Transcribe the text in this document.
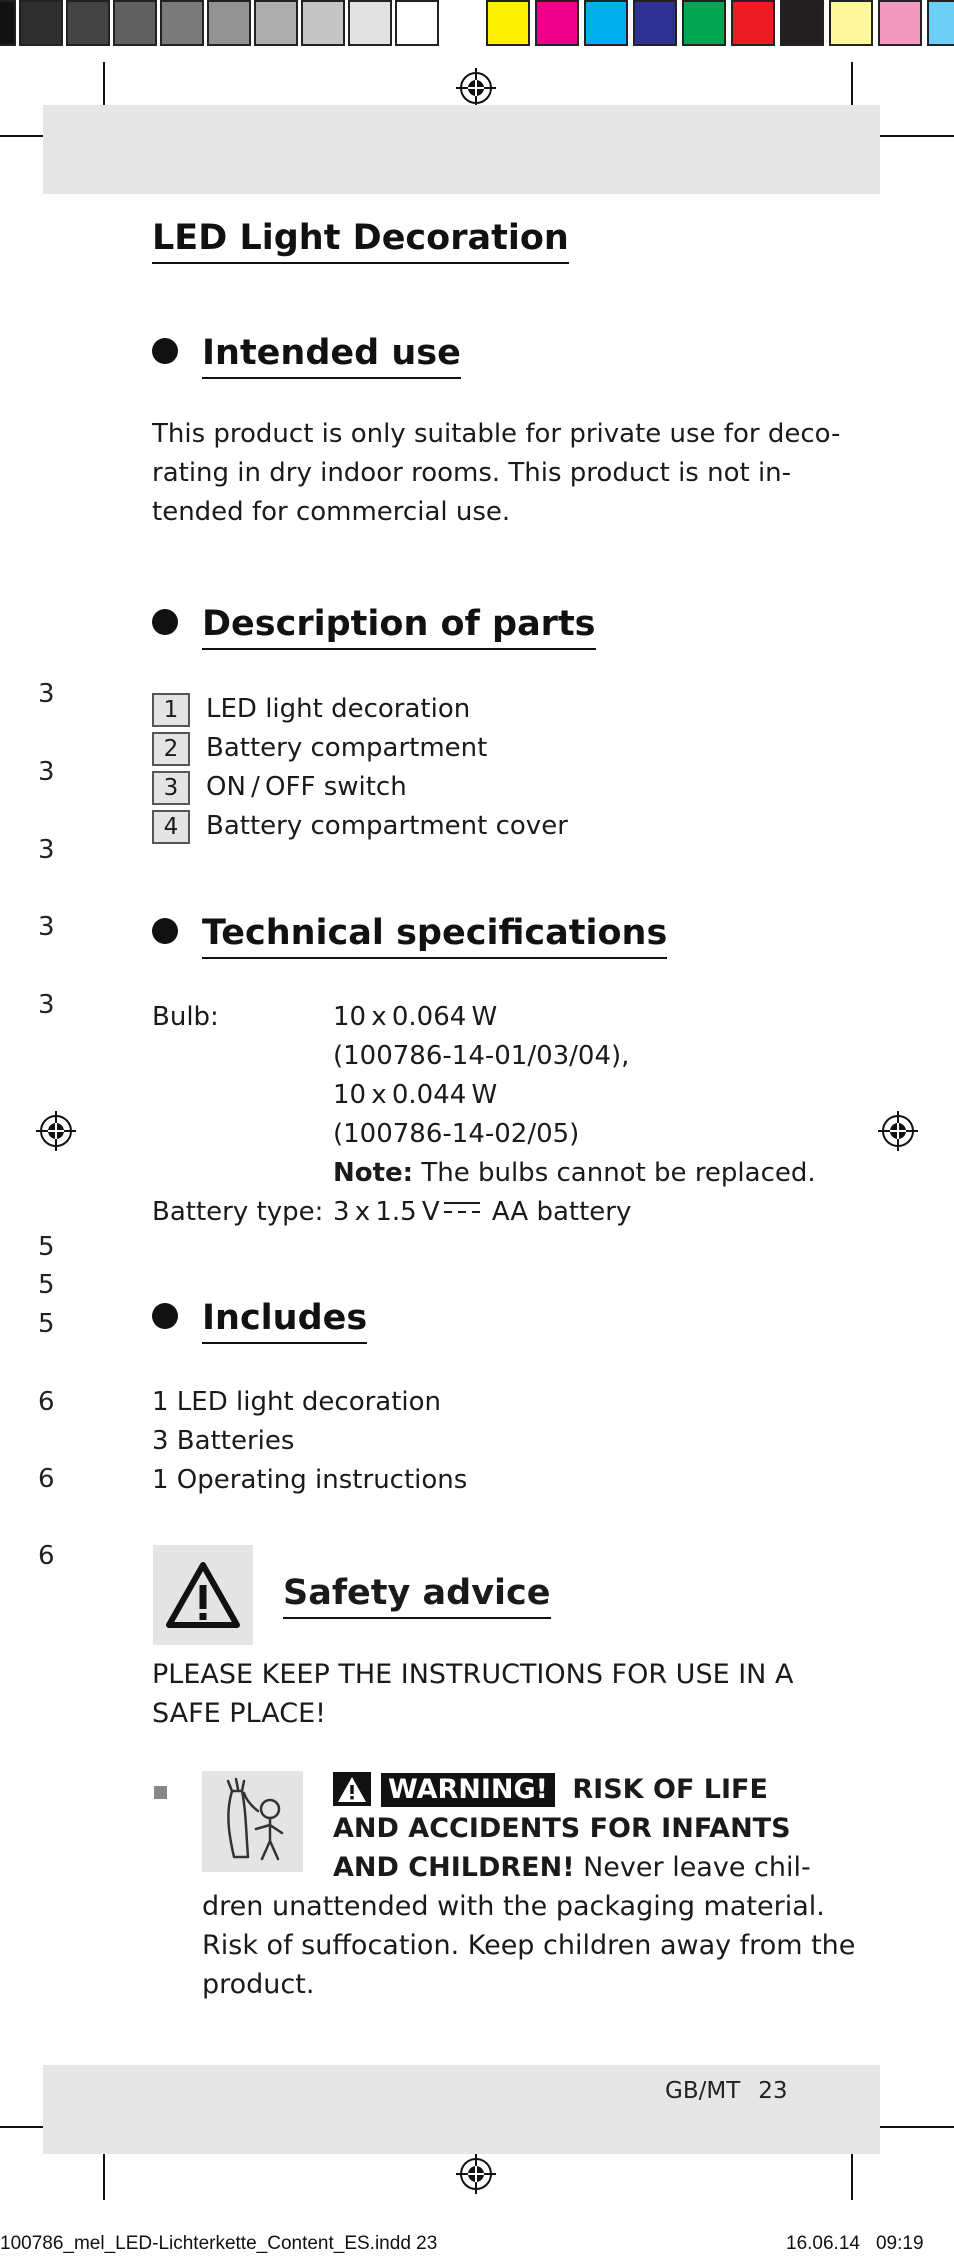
3
3
3
3
3
5
5
5
6
6
6
LED Light Decoration
Intended use
This product is only suitable for private use for deco-
rating in dry indoor rooms. This product is not in-
tended for commercial use.
Description of parts
1	LED light decoration
2	Battery compartment
3	ON / OFF switch
4	Battery compartment cover
Technical specifications
Bulb:	10 x 0.064 W
(100786-14-01/03/04),
10 x 0.044 W
(100786-14-02/05)
Note: The bulbs cannot be replaced.
Battery type: 3 x 1.5 V AA battery
Includes
1 LED light decoration
3 Batteries
1 Operating instructions
Safety advice
PLEASE KEEP THE INSTRUCTIONS FOR USE IN A
SAFE PLACE!
WARNING! RISK OF LIFE
AND ACCIDENTS FOR INFANTS
AND CHILDREN! Never leave chil-
dren unattended with the packaging material.
Risk of suffocation. Keep children away from the
product.
GB/MT 23
100786_mel_LED-Lichterkette_Content_ES.indd 23	16.06.14 09:19
